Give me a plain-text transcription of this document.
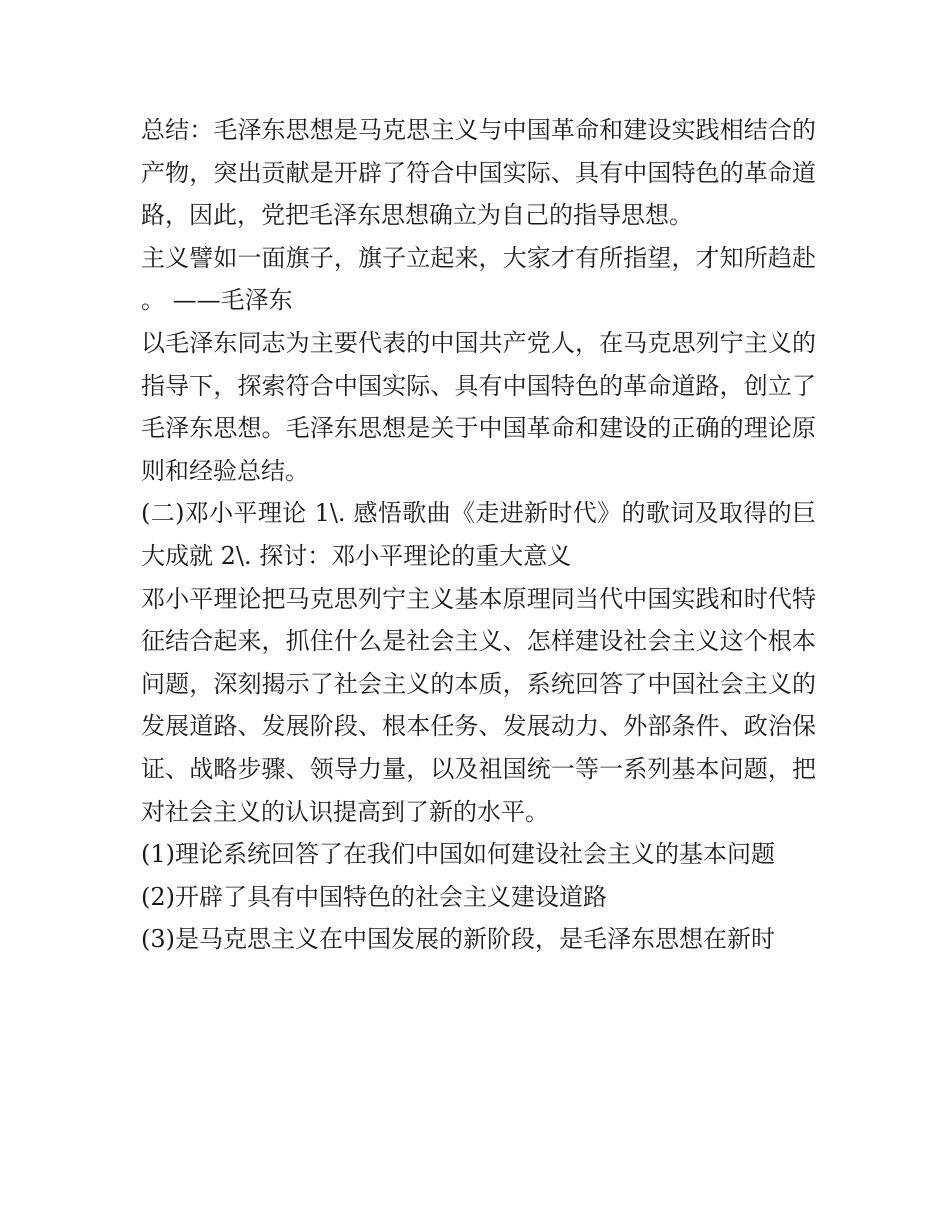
总结：毛泽东思想是马克思主义与中国革命和建设实践相结合的产物，突出贡献是开辟了符合中国实际、具有中国特色的革命道路，因此，党把毛泽东思想确立为自己的指导思想。

主义譬如一面旗子，旗子立起来，大家才有所指望，才知所趋赴。 ——毛泽东

以毛泽东同志为主要代表的中国共产党人，在马克思列宁主义的指导下，探索符合中国实际、具有中国特色的革命道路，创立了毛泽东思想。毛泽东思想是关于中国革命和建设的正确的理论原则和经验总结。

(二)邓小平理论 1\. 感悟歌曲《走进新时代》的歌词及取得的巨大成就 2\. 探讨：邓小平理论的重大意义

邓小平理论把马克思列宁主义基本原理同当代中国实践和时代特征结合起来，抓住什么是社会主义、怎样建设社会主义这个根本问题，深刻揭示了社会主义的本质，系统回答了中国社会主义的发展道路、发展阶段、根本任务、发展动力、外部条件、政治保证、战略步骤、领导力量，以及祖国统一等一系列基本问题，把对社会主义的认识提高到了新的水平。

(1)理论系统回答了在我们中国如何建设社会主义的基本问题

(2)开辟了具有中国特色的社会主义建设道路

(3)是马克思主义在中国发展的新阶段，是毛泽东思想在新时
